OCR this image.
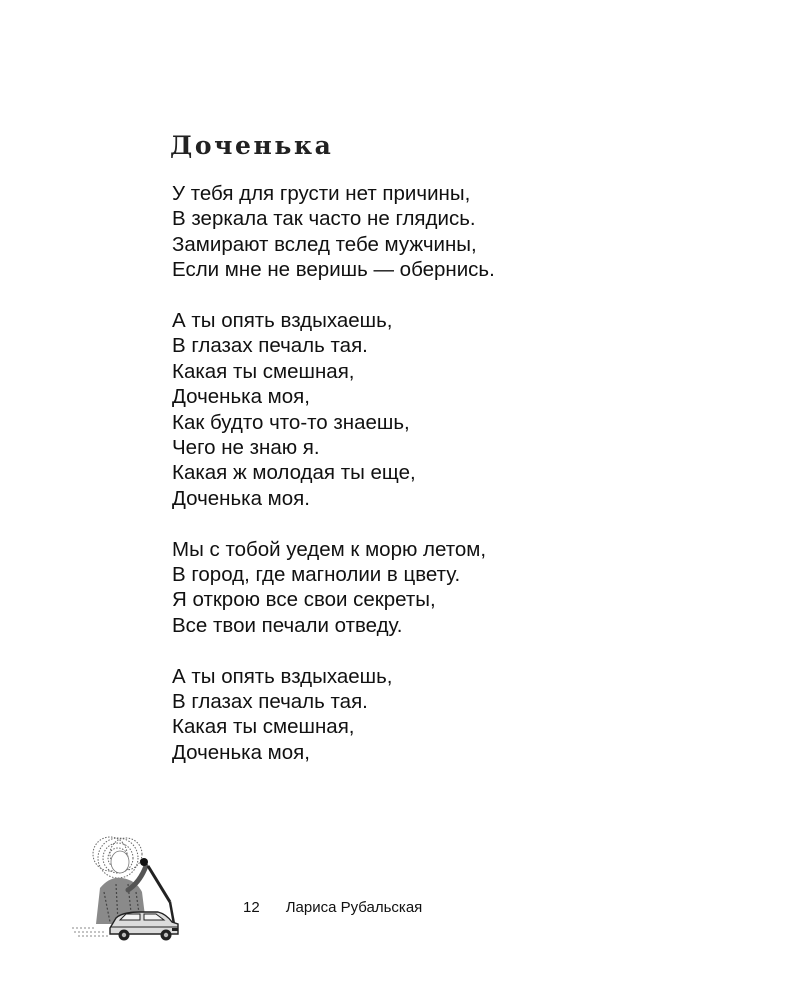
Доченька

У тебя для грусти нет причины,
В зеркала так часто не глядись.
Замирают вслед тебе мужчины,
Если мне не веришь — обернись.

А ты опять вздыхаешь,
В глазах печаль тая.
Какая ты смешная,
Доченька моя,
Как будто что-то знаешь,
Чего не знаю я.
Какая ж молодая ты еще,
Доченька моя.

Мы с тобой уедем к морю летом,
В город, где магнолии в цвету.
Я открою все свои секреты,
Все твои печали отведу.

А ты опять вздыхаешь,
В глазах печаль тая.
Какая ты смешная,
Доченька моя,

12 Лариса Рубальская
